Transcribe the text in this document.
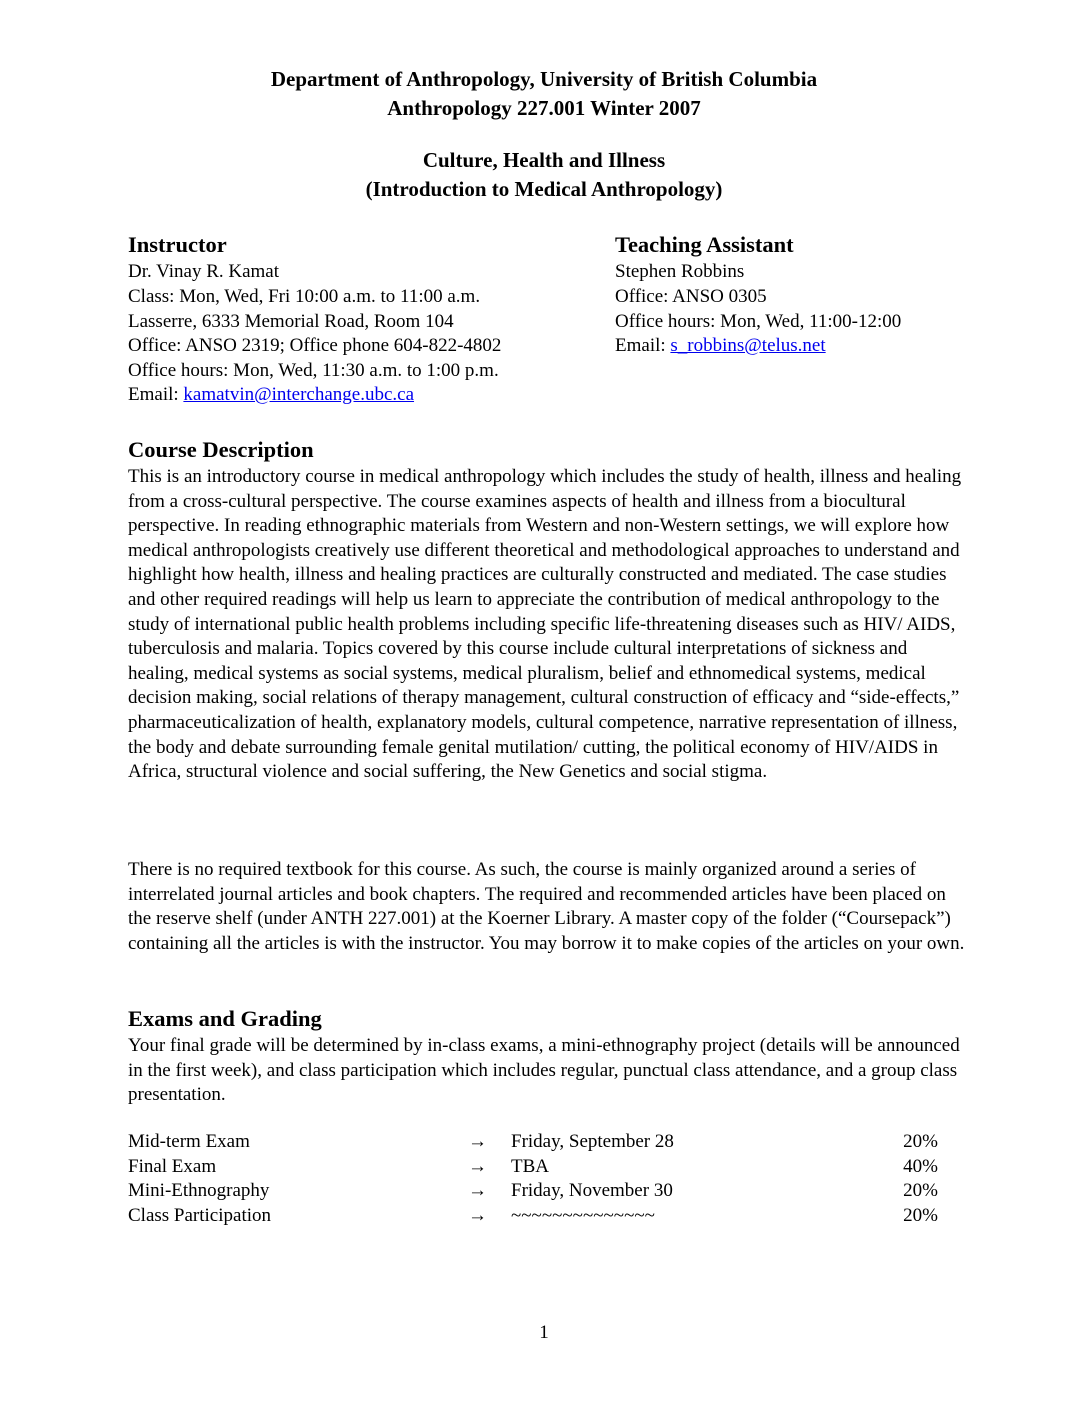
Department of Anthropology, University of British Columbia
Anthropology 227.001 Winter 2007
Culture, Health and Illness
(Introduction to Medical Anthropology)
Instructor
Dr. Vinay R. Kamat
Class: Mon, Wed, Fri 10:00 a.m. to 11:00 a.m.
Lasserre, 6333 Memorial Road, Room 104
Office: ANSO 2319; Office phone 604-822-4802
Office hours: Mon, Wed, 11:30 a.m. to 1:00 p.m.
Email: kamatvin@interchange.ubc.ca
Teaching Assistant
Stephen Robbins
Office: ANSO 0305
Office hours: Mon, Wed, 11:00-12:00
Email: s_robbins@telus.net
Course Description

This is an introductory course in medical anthropology which includes the study of health, illness and healing from a cross-cultural perspective. The course examines aspects of health and illness from a biocultural perspective. In reading ethnographic materials from Western and non-Western settings, we will explore how medical anthropologists creatively use different theoretical and methodological approaches to understand and highlight how health, illness and healing practices are culturally constructed and mediated. The case studies and other required readings will help us learn to appreciate the contribution of medical anthropology to the study of international public health problems including specific life-threatening diseases such as HIV/ AIDS, tuberculosis and malaria. Topics covered by this course include cultural interpretations of sickness and healing, medical systems as social systems, medical pluralism, belief and ethnomedical systems, medical decision making, social relations of therapy management, cultural construction of efficacy and “side-effects,” pharmaceuticalization of health, explanatory models, cultural competence, narrative representation of illness, the body and debate surrounding female genital mutilation/ cutting, the political economy of HIV/AIDS in Africa, structural violence and social suffering, the New Genetics and social stigma.

There is no required textbook for this course. As such, the course is mainly organized around a series of interrelated journal articles and book chapters. The required and recommended articles have been placed on the reserve shelf (under ANTH 227.001) at the Koerner Library. A master copy of the folder (“Coursepack”) containing all the articles is with the instructor. You may borrow it to make copies of the articles on your own.

Exams and Grading

Your final grade will be determined by in-class exams, a mini-ethnography project (details will be announced in the first week), and class participation which includes regular, punctual class attendance, and a group class presentation.

Mid-term Exam	→ Friday, September 28	20%
Final Exam	→ TBA	40%
Mini-Ethnography	→ Friday, November 30	20%
Class Participation	→ ~~~~~~~~~~~~~~	20%
1
